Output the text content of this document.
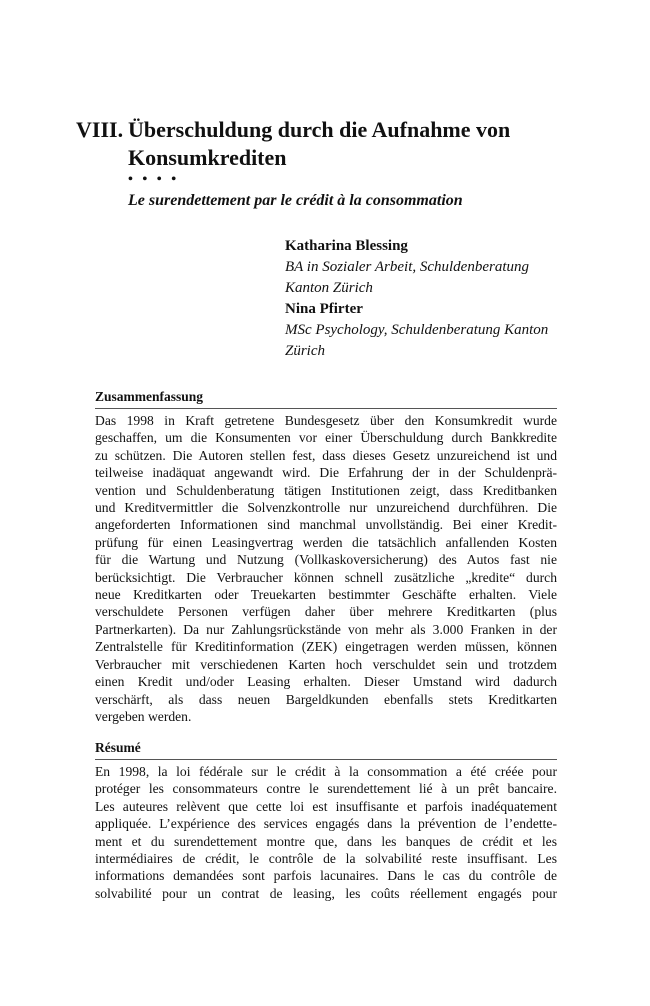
VIII. Überschuldung durch die Aufnahme von
Konsumkrediten
• • • •
Le surendettement par le crédit à la consommation
Katharina Blessing
BA in Sozialer Arbeit, Schuldenberatung
Kanton Zürich
Nina Pfirter
MSc Psychology, Schuldenberatung Kanton
Zürich
Zusammenfassung
Das 1998 in Kraft getretene Bundesgesetz über den Konsumkredit wurde
geschaffen, um die Konsumenten vor einer Überschuldung durch Bankkredite
zu schützen. Die Autoren stellen fest, dass dieses Gesetz unzureichend ist und
teilweise inadäquat angewandt wird. Die Erfahrung der in der Schuldenprä-
vention und Schuldenberatung tätigen Institutionen zeigt, dass Kreditbanken
und Kreditvermittler die Solvenzkontrolle nur unzureichend durchführen. Die
angeforderten Informationen sind manchmal unvollständig. Bei einer Kredit-
prüfung für einen Leasingvertrag werden die tatsächlich anfallenden Kosten
für die Wartung und Nutzung (Vollkaskoversicherung) des Autos fast nie
berücksichtigt. Die Verbraucher können schnell zusätzliche „kredite“ durch
neue Kreditkarten oder Treuekarten bestimmter Geschäfte erhalten. Viele
verschuldete Personen verfügen daher über mehrere Kreditkarten (plus
Partnerkarten). Da nur Zahlungsrückstände von mehr als 3.000 Franken in der
Zentralstelle für Kreditinformation (ZEK) eingetragen werden müssen, können
Verbraucher mit verschiedenen Karten hoch verschuldet sein und trotzdem
einen Kredit und/oder Leasing erhalten. Dieser Umstand wird dadurch
verschärft, als dass neuen Bargeldkunden ebenfalls stets Kreditkarten
vergeben werden.
Résumé
En 1998, la loi fédérale sur le crédit à la consommation a été créée pour
protéger les consommateurs contre le surendettement lié à un prêt bancaire.
Les auteures relèvent que cette loi est insuffisante et parfois inadéquatement
appliquée. L’expérience des services engagés dans la prévention de l’endette-
ment et du surendettement montre que, dans les banques de crédit et les
intermédiaires de crédit, le contrôle de la solvabilité reste insuffisant. Les
informations demandées sont parfois lacunaires. Dans le cas du contrôle de
solvabilité pour un contrat de leasing, les coûts réellement engagés pour
